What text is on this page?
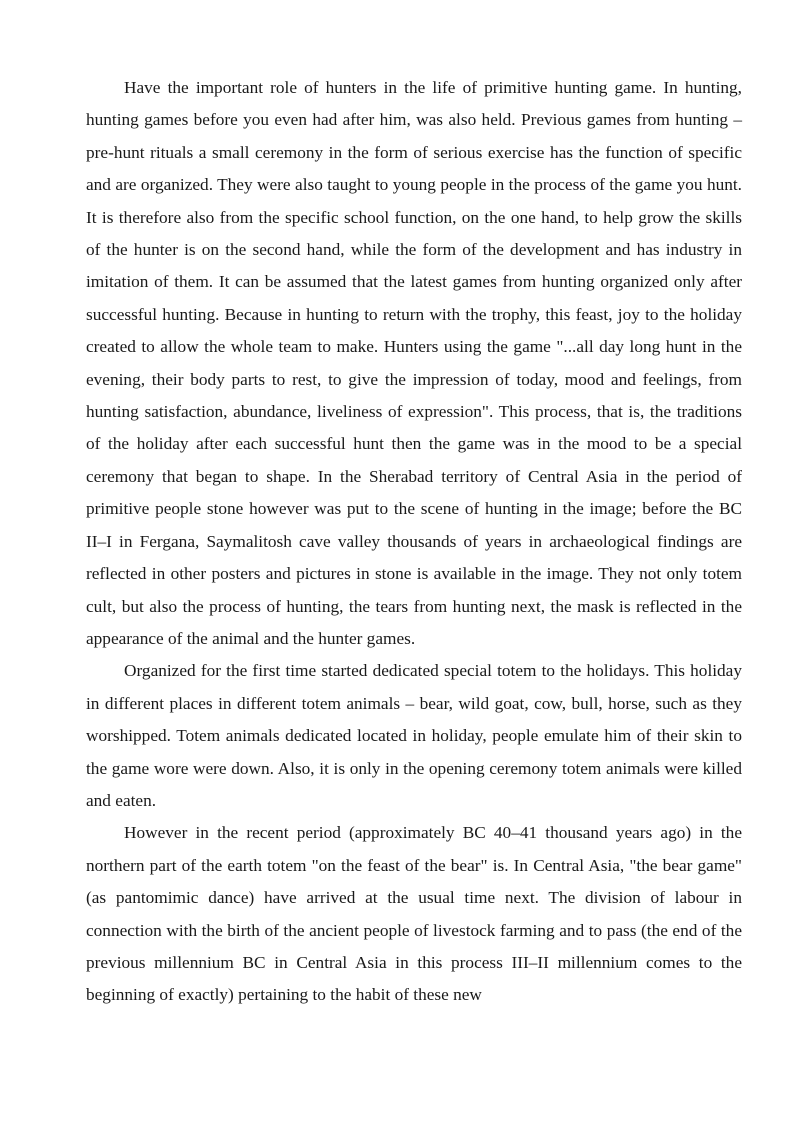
Have the important role of hunters in the life of primitive hunting game. In hunting, hunting games before you even had after him, was also held. Previous games from hunting – pre-hunt rituals a small ceremony in the form of serious exercise has the function of specific and are organized. They were also taught to young people in the process of the game you hunt. It is therefore also from the specific school function, on the one hand, to help grow the skills of the hunter is on the second hand, while the form of the development and has industry in imitation of them. It can be assumed that the latest games from hunting organized only after successful hunting. Because in hunting to return with the trophy, this feast, joy to the holiday created to allow the whole team to make. Hunters using the game "...all day long hunt in the evening, their body parts to rest, to give the impression of today, mood and feelings, from hunting satisfaction, abundance, liveliness of expression". This process, that is, the traditions of the holiday after each successful hunt then the game was in the mood to be a special ceremony that began to shape. In the Sherabad territory of Central Asia in the period of primitive people stone however was put to the scene of hunting in the image; before the BC II–I in Fergana, Saymalitosh cave valley thousands of years in archaeological findings are reflected in other posters and pictures in stone is available in the image. They not only totem cult, but also the process of hunting, the tears from hunting next, the mask is reflected in the appearance of the animal and the hunter games.

Organized for the first time started dedicated special totem to the holidays. This holiday in different places in different totem animals – bear, wild goat, cow, bull, horse, such as they worshipped. Totem animals dedicated located in holiday, people emulate him of their skin to the game wore were down. Also, it is only in the opening ceremony totem animals were killed and eaten.

However in the recent period (approximately BC 40–41 thousand years ago) in the northern part of the earth totem "on the feast of the bear" is. In Central Asia, "the bear game" (as pantomimic dance) have arrived at the usual time next. The division of labour in connection with the birth of the ancient people of livestock farming and to pass (the end of the previous millennium BC in Central Asia in this process III–II millennium comes to the beginning of exactly) pertaining to the habit of these new
